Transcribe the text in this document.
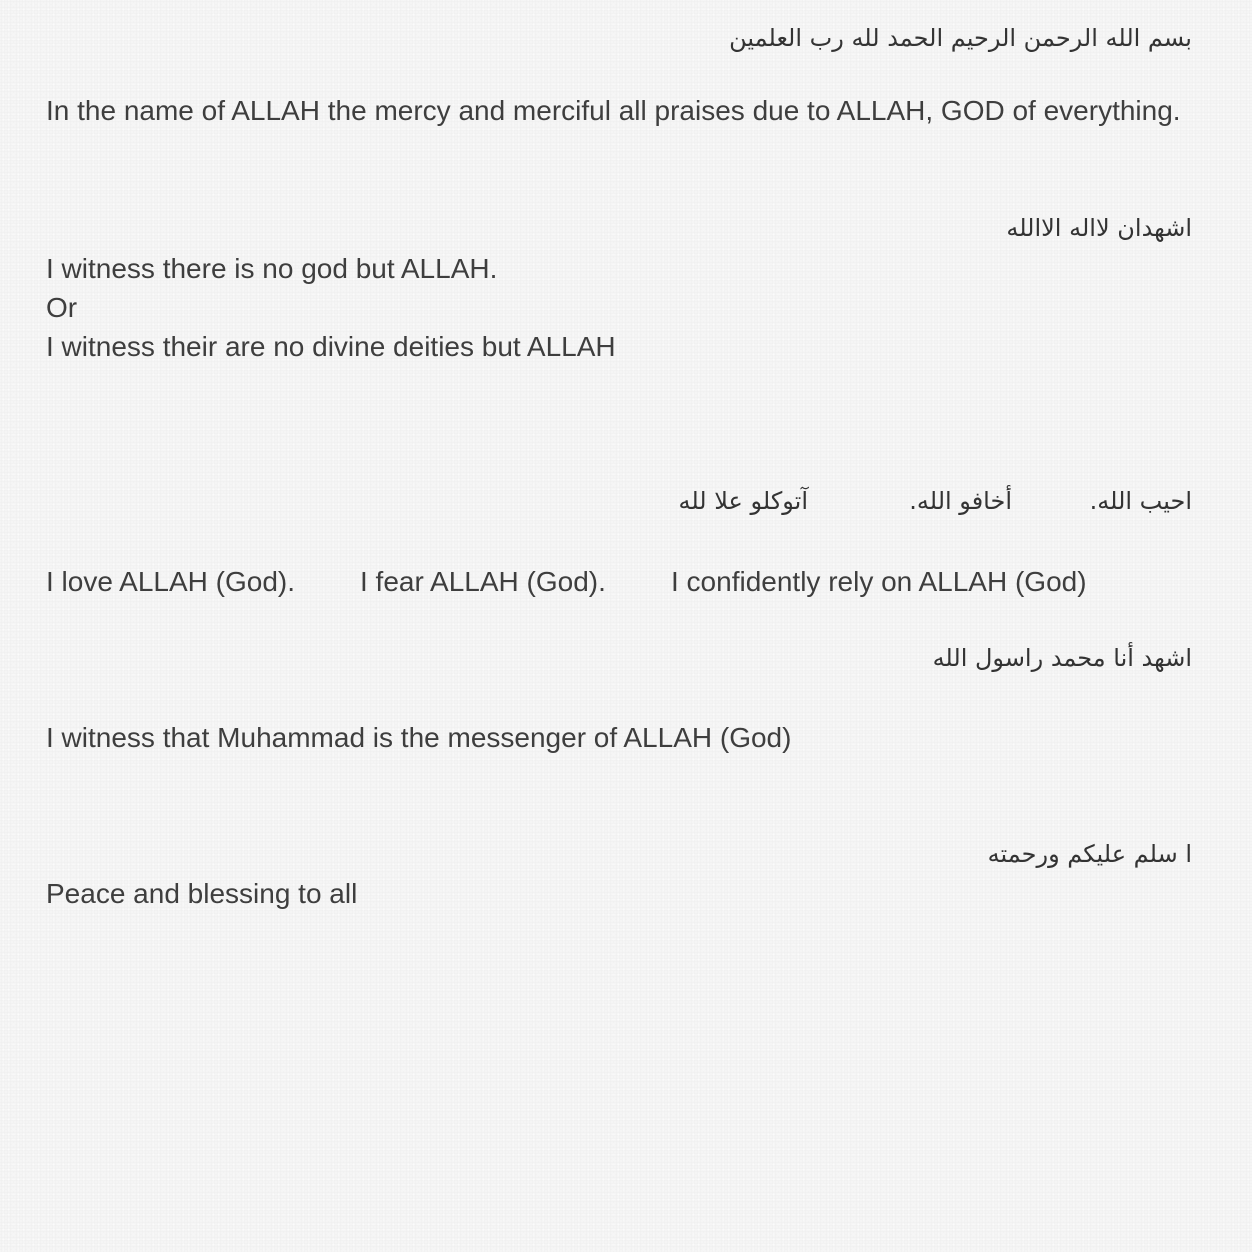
بسم الله الرحمن الرحيم الحمد لله رب العلمين
In the name of ALLAH the mercy and merciful all praises due to ALLAH, GOD of everything.
اشهدان لااله الاالله
I witness there is no god but ALLAH.
Or
I witness their are no divine deities but ALLAH
احيب الله.
أخافو الله.
آتوكلو علا لله
I love ALLAH (God). I fear ALLAH (God). I confidently rely on ALLAH (God)
اشهد أنا محمد راسول الله
I witness that Muhammad is the messenger of ALLAH (God)
ا سلم عليكم ورحمته
Peace and blessing to all
